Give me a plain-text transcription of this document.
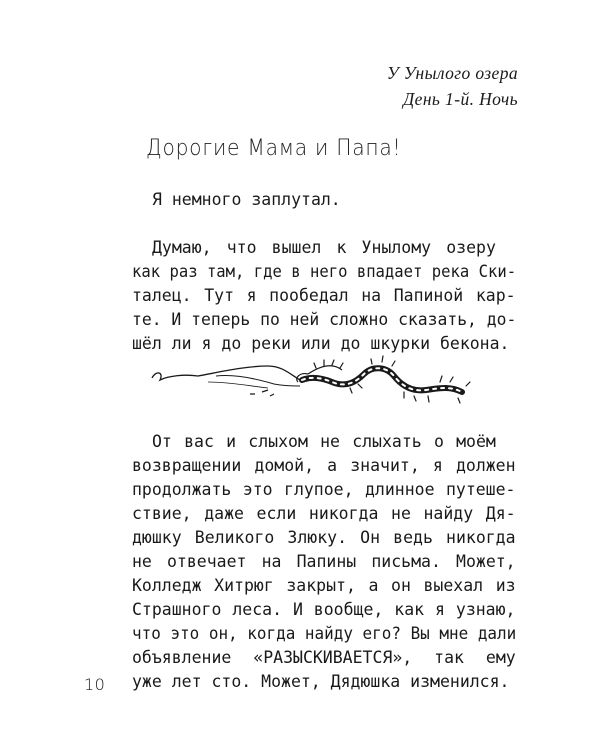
У Унылого озера
День 1-й. Ночь
Дорогие Мама и Папа!
Я немного заплутал.
Думаю, что вышел к Унылому озеру
как раз там, где в него впадает река Ски-
талец. Тут я пообедал на Папиной кар-
те. И теперь по ней сложно сказать, до-
шёл ли я до реки или до шкурки бекона.
От вас и слыхом не слыхать о моём
возвращении домой, а значит, я должен
продолжать это глупое, длинное путеше-
ствие, даже если никогда не найду Дя-
дюшку Великого Злюку. Он ведь никогда
не отвечает на Папины письма. Может,
Колледж Хитрюг закрыт, а он выехал из
Страшного леса. И вообще, как я узнаю,
что это он, когда найду его? Вы мне дали
объявление «РАЗЫСКИВАЕТСЯ», так ему
уже лет сто. Может, Дядюшка изменился.
10
